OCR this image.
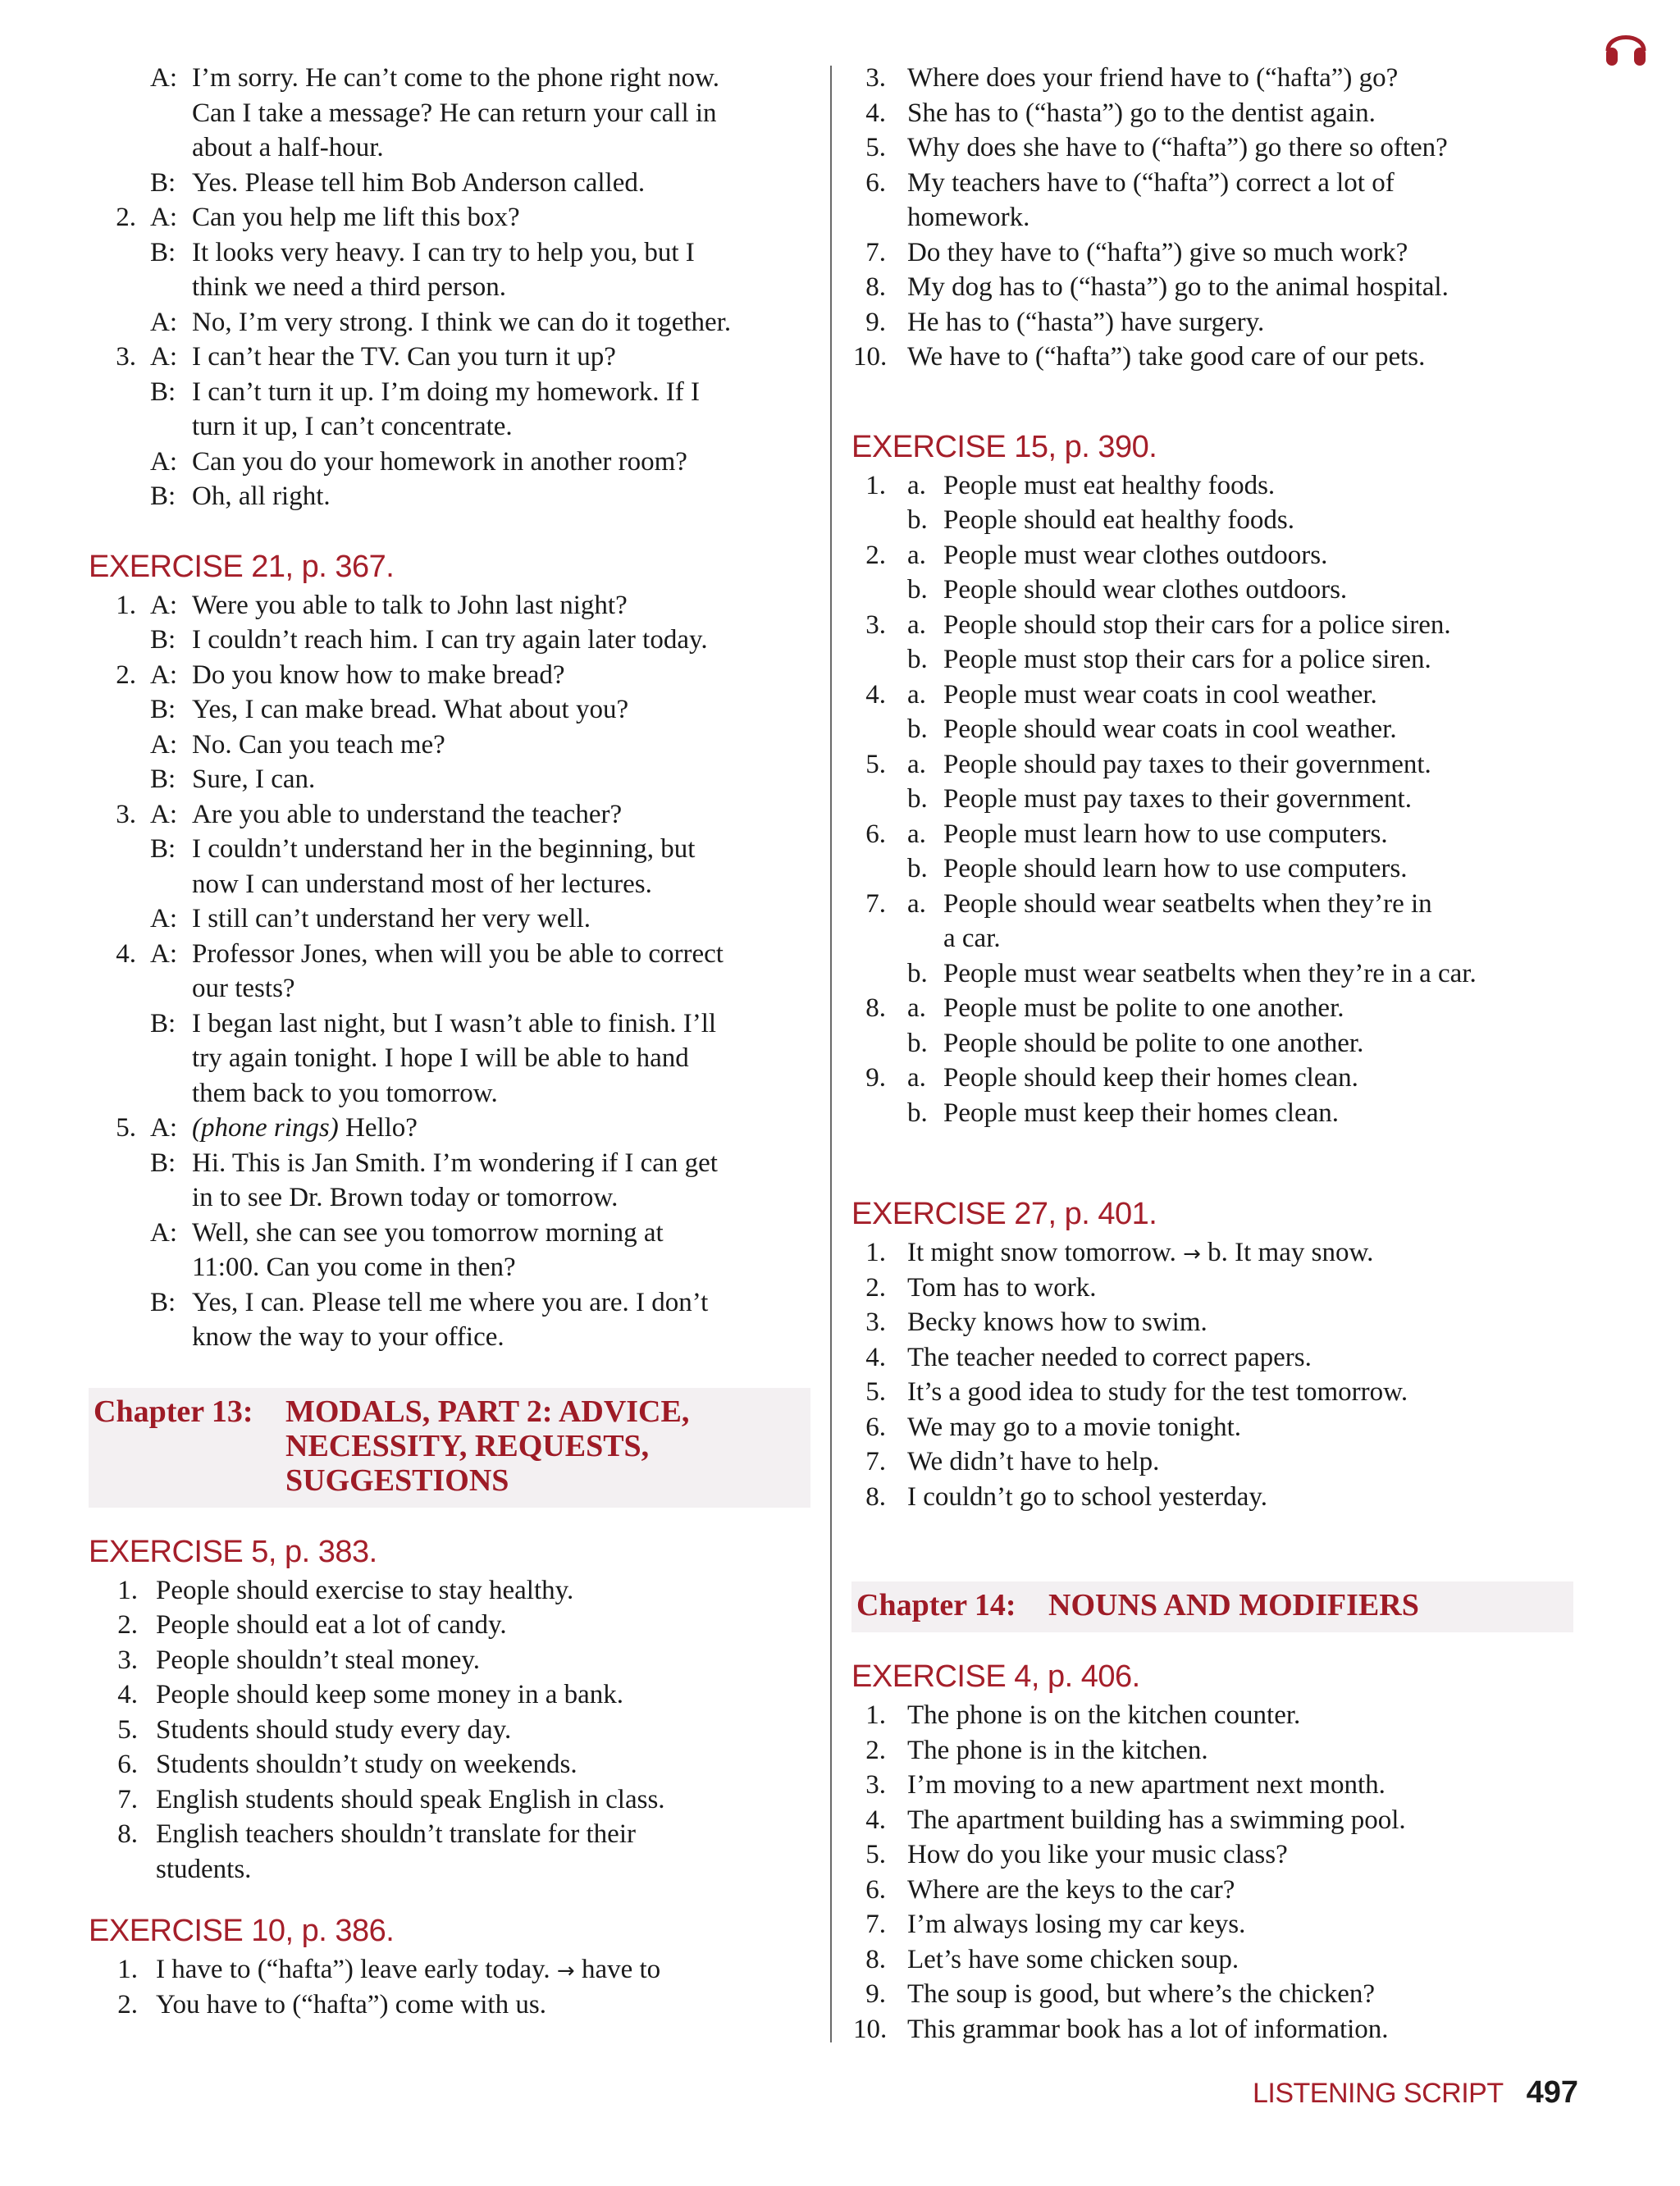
A: I’m sorry. He can’t come to the phone right now.
Can I take a message? He can return your call in
about a half-hour.
B: Yes. Please tell him Bob Anderson called.
2. A: Can you help me lift this box?
B: It looks very heavy. I can try to help you, but I
think we need a third person.
A: No, I’m very strong. I think we can do it together.
3. A: I can’t hear the TV. Can you turn it up?
B: I can’t turn it up. I’m doing my homework. If I
turn it up, I can’t concentrate.
A: Can you do your homework in another room?
B: Oh, all right.
EXERCISE 21, p. 367.
1. A: Were you able to talk to John last night?
B: I couldn’t reach him. I can try again later today.
2. A: Do you know how to make bread?
B: Yes, I can make bread. What about you?
A: No. Can you teach me?
B: Sure, I can.
3. A: Are you able to understand the teacher?
B: I couldn’t understand her in the beginning, but
now I can understand most of her lectures.
A: I still can’t understand her very well.
4. A: Professor Jones, when will you be able to correct
our tests?
B: I began last night, but I wasn’t able to finish. I’ll
try again tonight. I hope I will be able to hand
them back to you tomorrow.
5. A: (phone rings) Hello?
B: Hi. This is Jan Smith. I’m wondering if I can get
in to see Dr. Brown today or tomorrow.
A: Well, she can see you tomorrow morning at
11:00. Can you come in then?
B: Yes, I can. Please tell me where you are. I don’t
know the way to your office.
Chapter 13: MODALS, PART 2: ADVICE,
NECESSITY, REQUESTS,
SUGGESTIONS
EXERCISE 5, p. 383.
1. People should exercise to stay healthy.
2. People should eat a lot of candy.
3. People shouldn’t steal money.
4. People should keep some money in a bank.
5. Students should study every day.
6. Students shouldn’t study on weekends.
7. English students should speak English in class.
8. English teachers shouldn’t translate for their
students.
EXERCISE 10, p. 386.
1. I have to (“hafta”) leave early today. → have to
2. You have to (“hafta”) come with us.
3. Where does your friend have to (“hafta”) go?
4. She has to (“hasta”) go to the dentist again.
5. Why does she have to (“hafta”) go there so often?
6. My teachers have to (“hafta”) correct a lot of
homework.
7. Do they have to (“hafta”) give so much work?
8. My dog has to (“hasta”) go to the animal hospital.
9. He has to (“hasta”) have surgery.
10. We have to (“hafta”) take good care of our pets.
EXERCISE 15, p. 390.
1. a. People must eat healthy foods.
b. People should eat healthy foods.
2. a. People must wear clothes outdoors.
b. People should wear clothes outdoors.
3. a. People should stop their cars for a police siren.
b. People must stop their cars for a police siren.
4. a. People must wear coats in cool weather.
b. People should wear coats in cool weather.
5. a. People should pay taxes to their government.
b. People must pay taxes to their government.
6. a. People must learn how to use computers.
b. People should learn how to use computers.
7. a. People should wear seatbelts when they’re in
a car.
b. People must wear seatbelts when they’re in a car.
8. a. People must be polite to one another.
b. People should be polite to one another.
9. a. People should keep their homes clean.
b. People must keep their homes clean.
EXERCISE 27, p. 401.
1. It might snow tomorrow. → b. It may snow.
2. Tom has to work.
3. Becky knows how to swim.
4. The teacher needed to correct papers.
5. It’s a good idea to study for the test tomorrow.
6. We may go to a movie tonight.
7. We didn’t have to help.
8. I couldn’t go to school yesterday.
Chapter 14: NOUNS AND MODIFIERS
EXERCISE 4, p. 406.
1. The phone is on the kitchen counter.
2. The phone is in the kitchen.
3. I’m moving to a new apartment next month.
4. The apartment building has a swimming pool.
5. How do you like your music class?
6. Where are the keys to the car?
7. I’m always losing my car keys.
8. Let’s have some chicken soup.
9. The soup is good, but where’s the chicken?
10. This grammar book has a lot of information.
LISTENING SCRIPT 497
